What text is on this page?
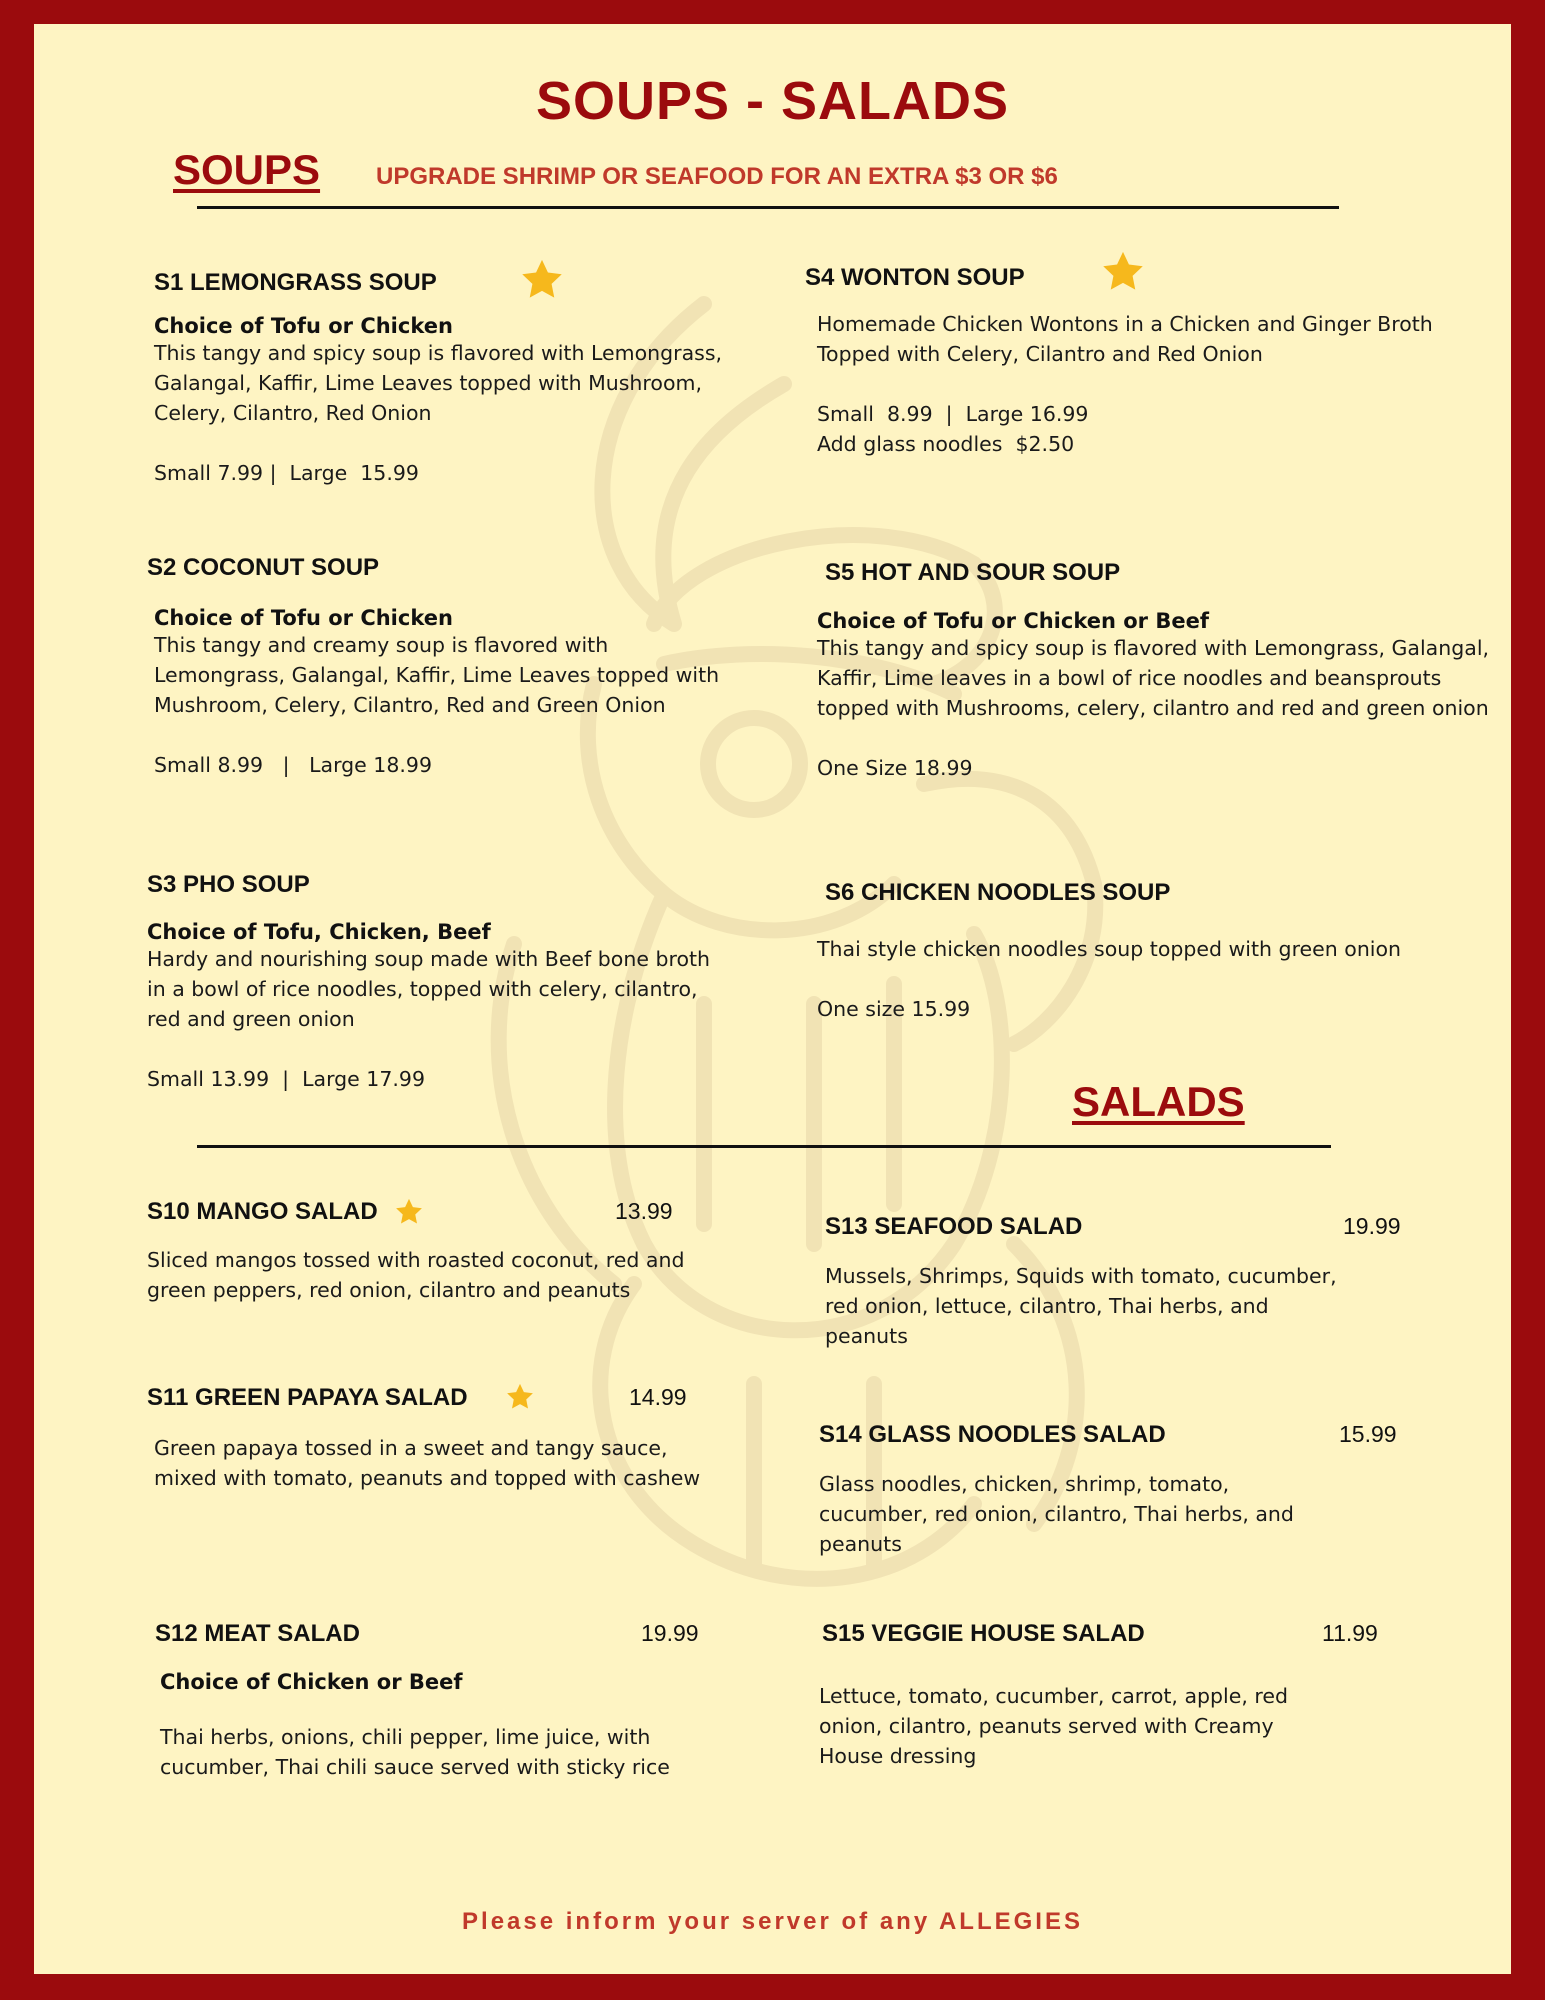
SOUPS - SALADS
SOUPS UPGRADE SHRIMP OR SEAFOOD FOR AN EXTRA $3 OR $6
S1 LEMONGRASS SOUP
Choice of Tofu or Chicken
This tangy and spicy soup is flavored with Lemongrass, Galangal, Kaffir, Lime Leaves topped with Mushroom, Celery, Cilantro, Red Onion
Small 7.99 |  Large  15.99
S2 COCONUT SOUP
Choice of Tofu or Chicken
This tangy and creamy soup is flavored with Lemongrass, Galangal, Kaffir, Lime Leaves topped with Mushroom, Celery, Cilantro, Red and Green Onion
Small 8.99   |   Large 18.99
S3 PHO SOUP
Choice of Tofu, Chicken, Beef
Hardy and nourishing soup made with Beef bone broth in a bowl of rice noodles, topped with celery, cilantro, red and green onion
Small 13.99  |  Large 17.99
S4 WONTON SOUP
Homemade Chicken Wontons in a Chicken and Ginger Broth Topped with Celery, Cilantro and Red Onion
Small  8.99  |  Large 16.99
Add glass noodles  $2.50
S5 HOT AND SOUR SOUP
Choice of Tofu or Chicken or Beef
This tangy and spicy soup is flavored with Lemongrass, Galangal, Kaffir, Lime leaves in a bowl of rice noodles and beansprouts topped with Mushrooms, celery, cilantro and red and green onion
One Size 18.99
S6 CHICKEN NOODLES SOUP
Thai style chicken noodles soup topped with green onion
One size 15.99
SALADS
S10 MANGO SALAD	13.99
Sliced mangos tossed with roasted coconut, red and green peppers, red onion, cilantro and peanuts
S11 GREEN PAPAYA SALAD	14.99
Green papaya tossed in a sweet and tangy sauce, mixed with tomato, peanuts and topped with cashew
S12 MEAT SALAD	19.99
Choice of Chicken or Beef
Thai herbs, onions, chili pepper, lime juice, with cucumber, Thai chili sauce served with sticky rice
S13 SEAFOOD SALAD	19.99
Mussels, Shrimps, Squids with tomato, cucumber, red onion, lettuce, cilantro, Thai herbs, and peanuts
S14 GLASS NOODLES SALAD	15.99
Glass noodles, chicken, shrimp, tomato, cucumber, red onion, cilantro, Thai herbs, and peanuts
S15 VEGGIE HOUSE SALAD	11.99
Lettuce, tomato, cucumber, carrot, apple, red onion, cilantro, peanuts served with Creamy House dressing
Please inform your server of any ALLEGIES
